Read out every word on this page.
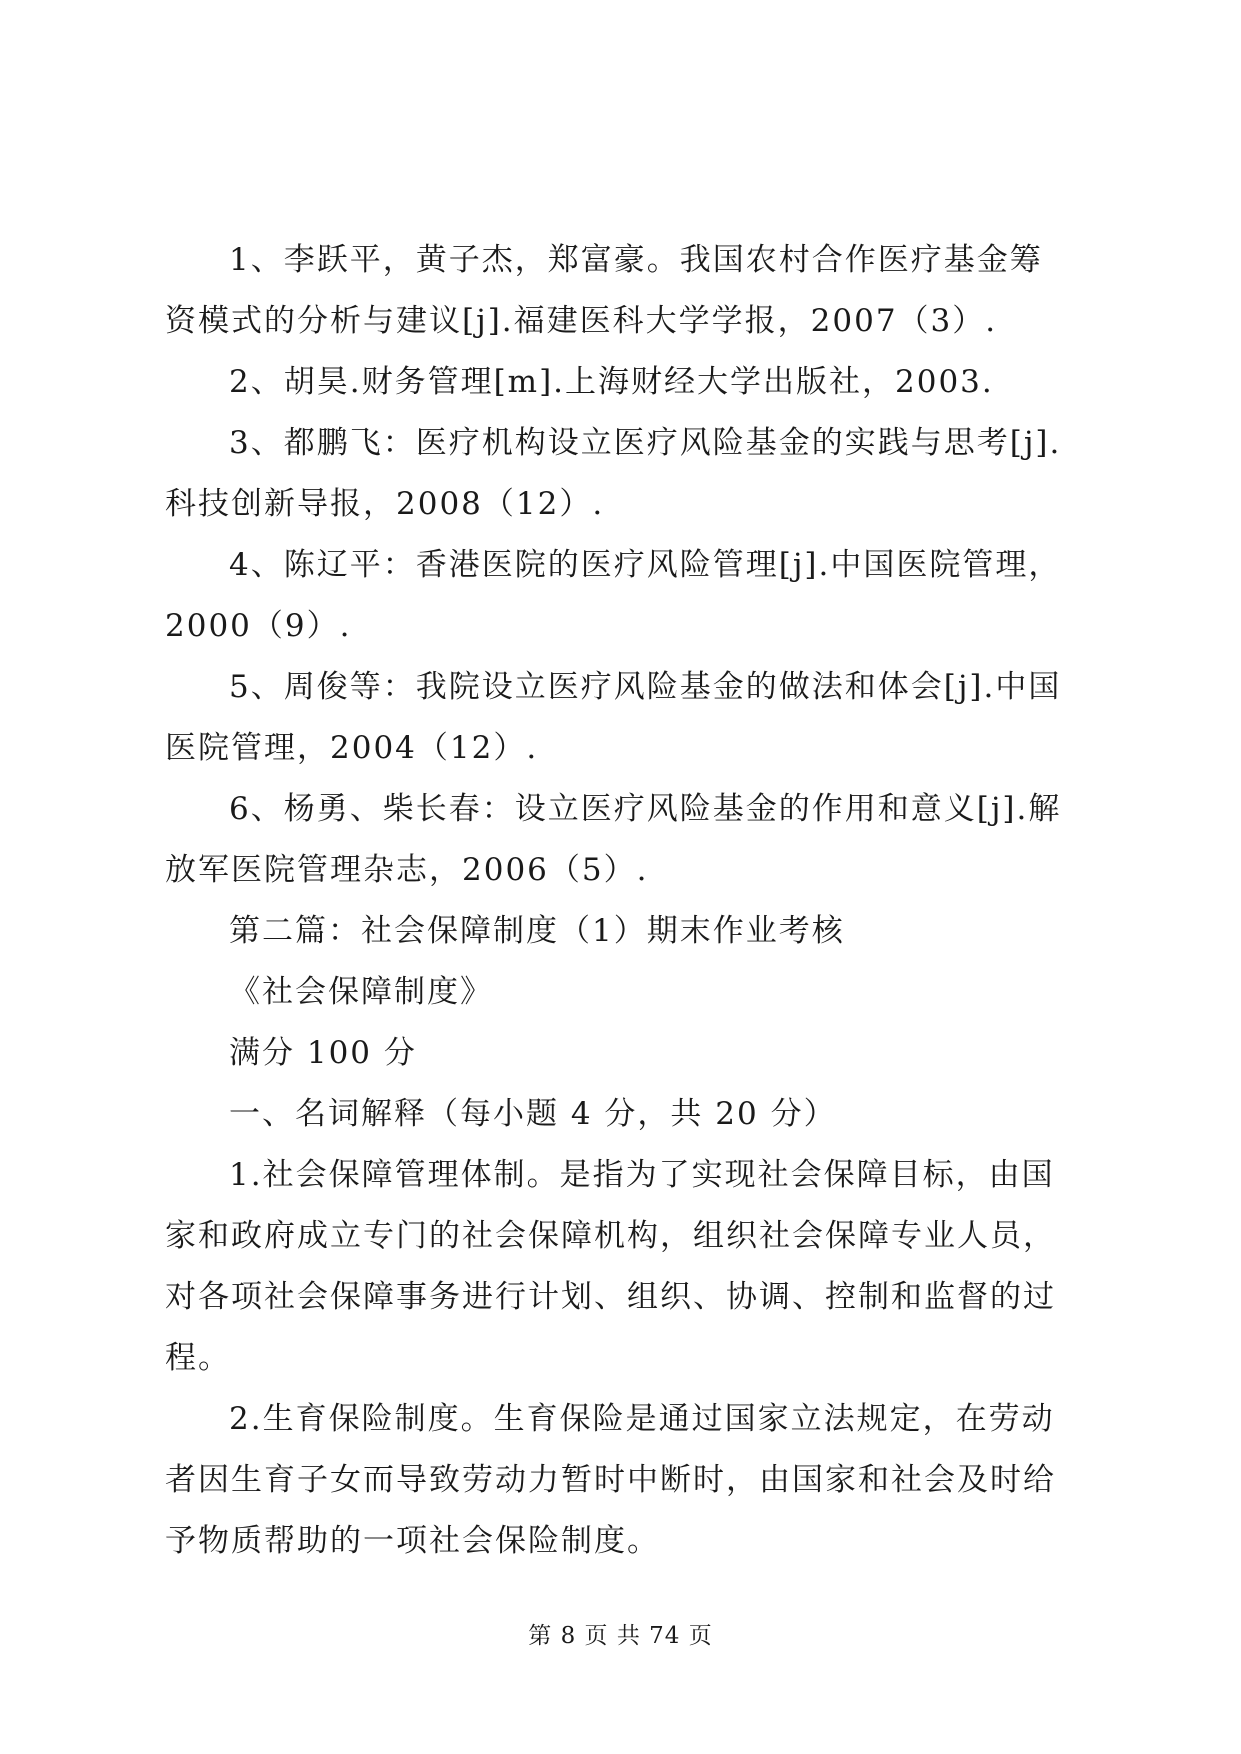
1、李跃平，黄子杰，郑富豪。我国农村合作医疗基金筹资模式的分析与建议[j].福建医科大学学报，2007（3）.

2、胡昊.财务管理[m].上海财经大学出版社，2003.

3、都鹏飞：医疗机构设立医疗风险基金的实践与思考[j].科技创新导报，2008（12）.

4、陈辽平：香港医院的医疗风险管理[j].中国医院管理，2000（9）.

5、周俊等：我院设立医疗风险基金的做法和体会[j].中国医院管理，2004（12）.

6、杨勇、柴长春：设立医疗风险基金的作用和意义[j].解放军医院管理杂志，2006（5）.

第二篇：社会保障制度（1）期末作业考核

《社会保障制度》

满分 100 分

一、名词解释（每小题 4 分，共 20 分）

1.社会保障管理体制。是指为了实现社会保障目标，由国家和政府成立专门的社会保障机构，组织社会保障专业人员，对各项社会保障事务进行计划、组织、协调、控制和监督的过程。

2.生育保险制度。生育保险是通过国家立法规定，在劳动者因生育子女而导致劳动力暂时中断时，由国家和社会及时给予物质帮助的一项社会保险制度。

第 8 页 共 74 页
